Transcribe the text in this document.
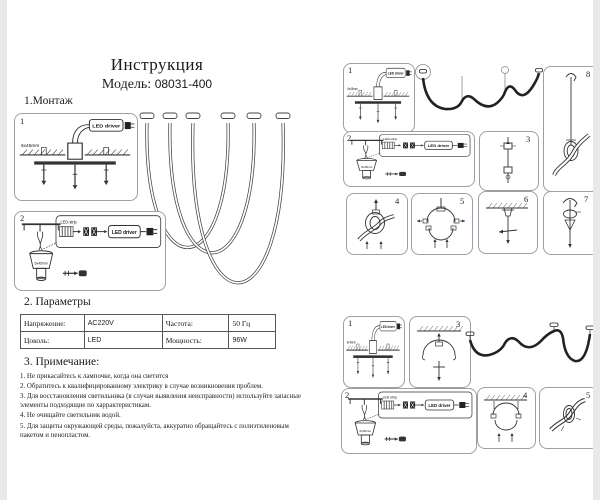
Инструкция
Модель: 08031-400
1.Монтаж
1
2
2. Параметры
Напряжение:	AC220V	Частота:	50 Гц
Цоколь:	LED	Мощность:	96W
3. Примечание:
1. Не прикасайтесь к лампочке, когда она светится
2. Обратитесь к квалифицированному электрику в случае возникновения проблем.
3. Для восстановления светильника (в случаи выявления неисправности) используйте запасные элементы подходящие по харрактеристикам.
4. Не очищайте светильник водой.
5. Для защиты окружающей среды, пожалуйста, аккуратно обращайтесь с полиэтиленовым пакетом и пенопластом.
1	8
2	3
4	5	6	7
1	3
2	4	5
